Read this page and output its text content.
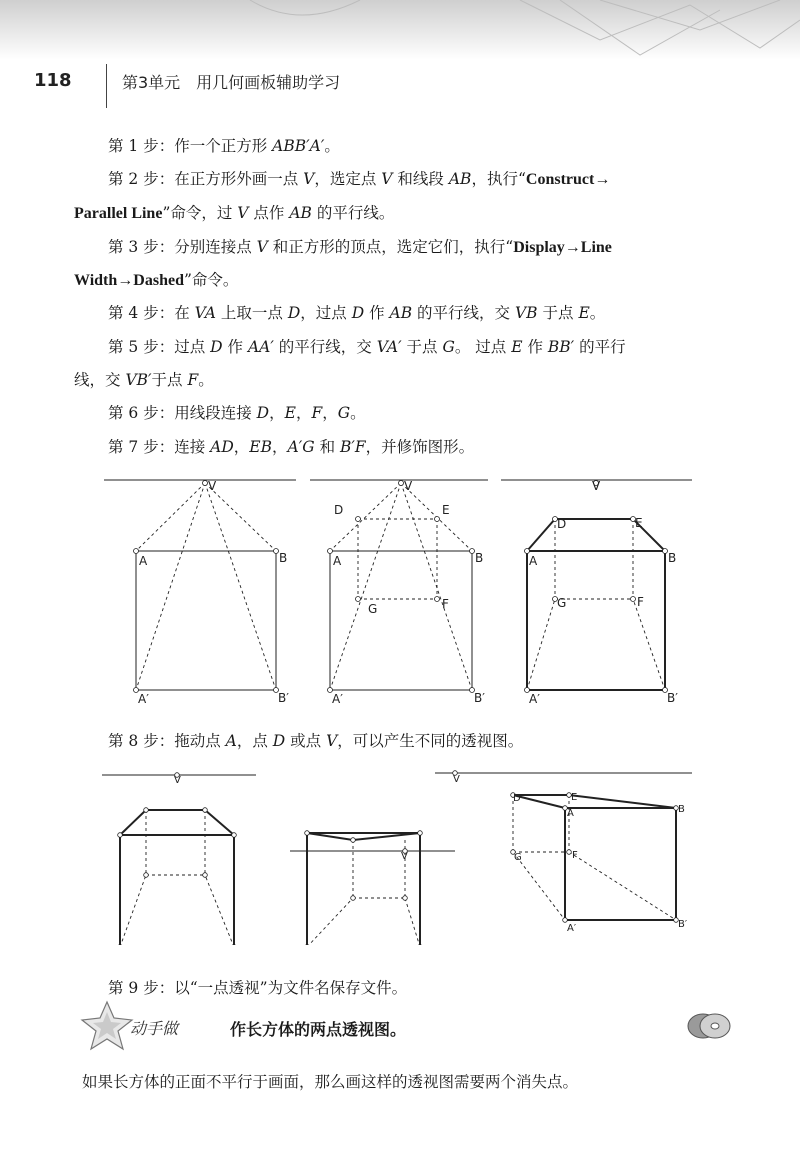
118	第3单元　用几何画板辅助学习
第 1 步：作一个正方形 ABB′A′。
第 2 步：在正方形外画一点 V，选定点 V 和线段 AB，执行“Construct→
Parallel Line”命令，过 V 点作 AB 的平行线。
第 3 步：分别连接点 V 和正方形的顶点，选定它们，执行“Display→Line
Width→Dashed”命令。
第 4 步：在 VA 上取一点 D，过点 D 作 AB 的平行线，交 VB 于点 E。
第 5 步：过点 D 作 AA′ 的平行线，交 VA′ 于点 G。 过点 E 作 BB′ 的平行
线，交 VB′于点 F。
第 6 步：用线段连接 D，E，F，G。
第 7 步：连接 AD，EB，A′G 和 B′F，并修饰图形。
V
A	B
A′	B′
V
D	E
A	B
G	F
A′	B′
V
D	E
A	B
G	F
A′	B′
第 8 步：拖动点 A，点 D 或点 V，可以产生不同的透视图。
V
V
V
D	E
A	B
G	F
A′	B′
第 9 步：以“一点透视”为文件名保存文件。
动手做	作长方体的两点透视图。
如果长方体的正面不平行于画面，那么画这样的透视图需要两个消失点。
